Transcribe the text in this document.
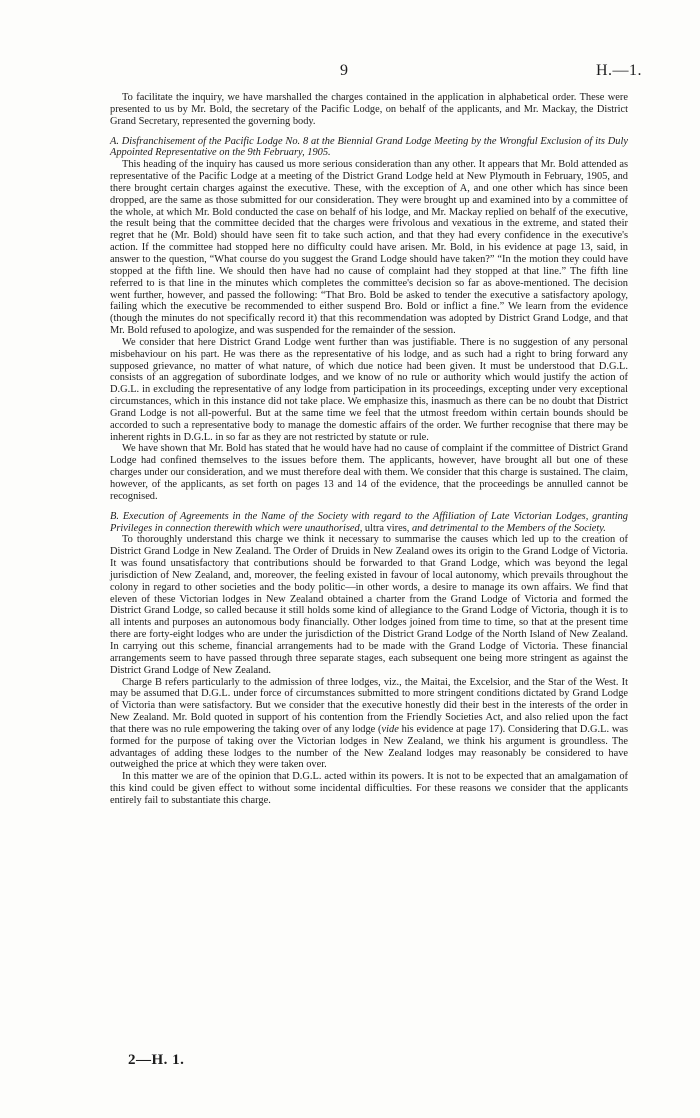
9	H.—1.

To facilitate the inquiry, we have marshalled the charges contained in the application in alphabetical order. These were presented to us by Mr. Bold, the secretary of the Pacific Lodge, on behalf of the applicants, and Mr. Mackay, the District Grand Secretary, represented the governing body.

A. Disfranchisement of the Pacific Lodge No. 8 at the Biennial Grand Lodge Meeting by the Wrongful Exclusion of its Duly Appointed Representative on the 9th February, 1905.

This heading of the inquiry has caused us more serious consideration than any other. It appears that Mr. Bold attended as representative of the Pacific Lodge at a meeting of the District Grand Lodge held at New Plymouth in February, 1905, and there brought certain charges against the executive. These, with the exception of A, and one other which has since been dropped, are the same as those submitted for our consideration. They were brought up and examined into by a committee of the whole, at which Mr. Bold conducted the case on behalf of his lodge, and Mr. Mackay replied on behalf of the executive, the result being that the committee decided that the charges were frivolous and vexatious in the extreme, and stated their regret that he (Mr. Bold) should have seen fit to take such action, and that they had every confidence in the executive's action. If the committee had stopped here no difficulty could have arisen. Mr. Bold, in his evidence at page 13, said, in answer to the question, “What course do you suggest the Grand Lodge should have taken?” “In the motion they could have stopped at the fifth line. We should then have had no cause of complaint had they stopped at that line.” The fifth line referred to is that line in the minutes which completes the committee's decision so far as above-mentioned. The decision went further, however, and passed the following: “That Bro. Bold be asked to tender the executive a satisfactory apology, failing which the executive be recommended to either suspend Bro. Bold or inflict a fine.” We learn from the evidence (though the minutes do not specifically record it) that this recommendation was adopted by District Grand Lodge, and that Mr. Bold refused to apologize, and was suspended for the remainder of the session.

We consider that here District Grand Lodge went further than was justifiable. There is no suggestion of any personal misbehaviour on his part. He was there as the representative of his lodge, and as such had a right to bring forward any supposed grievance, no matter of what nature, of which due notice had been given. It must be understood that D.G.L. consists of an aggregation of subordinate lodges, and we know of no rule or authority which would justify the action of D.G.L. in excluding the representative of any lodge from participation in its proceedings, excepting under very exceptional circumstances, which in this instance did not take place. We emphasize this, inasmuch as there can be no doubt that District Grand Lodge is not all-powerful. But at the same time we feel that the utmost freedom within certain bounds should be accorded to such a representative body to manage the domestic affairs of the order. We further recognise that there may be inherent rights in D.G.L. in so far as they are not restricted by statute or rule.

We have shown that Mr. Bold has stated that he would have had no cause of complaint if the committee of District Grand Lodge had confined themselves to the issues before them. The applicants, however, have brought all but one of these charges under our consideration, and we must therefore deal with them. We consider that this charge is sustained. The claim, however, of the applicants, as set forth on pages 13 and 14 of the evidence, that the proceedings be annulled cannot be recognised.

B. Execution of Agreements in the Name of the Society with regard to the Affiliation of Late Victorian Lodges, granting Privileges in connection therewith which were unauthorised, ultra vires, and detrimental to the Members of the Society.

To thoroughly understand this charge we think it necessary to summarise the causes which led up to the creation of District Grand Lodge in New Zealand. The Order of Druids in New Zealand owes its origin to the Grand Lodge of Victoria. It was found unsatisfactory that contributions should be forwarded to that Grand Lodge, which was beyond the legal jurisdiction of New Zealand, and, moreover, the feeling existed in favour of local autonomy, which prevails throughout the colony in regard to other societies and the body politic—in other words, a desire to manage its own affairs. We find that eleven of these Victorian lodges in New Zealand obtained a charter from the Grand Lodge of Victoria and formed the District Grand Lodge, so called because it still holds some kind of allegiance to the Grand Lodge of Victoria, though it is to all intents and purposes an autonomous body financially. Other lodges joined from time to time, so that at the present time there are forty-eight lodges who are under the jurisdiction of the District Grand Lodge of the North Island of New Zealand. In carrying out this scheme, financial arrangements had to be made with the Grand Lodge of Victoria. These financial arrangements seem to have passed through three separate stages, each subsequent one being more stringent as against the District Grand Lodge of New Zealand.

Charge B refers particularly to the admission of three lodges, viz., the Maitai, the Excelsior, and the Star of the West. It may be assumed that D.G.L. under force of circumstances submitted to more stringent conditions dictated by Grand Lodge of Victoria than were satisfactory. But we consider that the executive honestly did their best in the interests of the order in New Zealand. Mr. Bold quoted in support of his contention from the Friendly Societies Act, and also relied upon the fact that there was no rule empowering the taking over of any lodge (vide his evidence at page 17). Considering that D.G.L. was formed for the purpose of taking over the Victorian lodges in New Zealand, we think his argument is groundless. The advantages of adding these lodges to the number of the New Zealand lodges may reasonably be considered to have outweighed the price at which they were taken over.

In this matter we are of the opinion that D.G.L. acted within its powers. It is not to be expected that an amalgamation of this kind could be given effect to without some incidental difficulties. For these reasons we consider that the applicants entirely fail to substantiate this charge.

2—H. 1.
